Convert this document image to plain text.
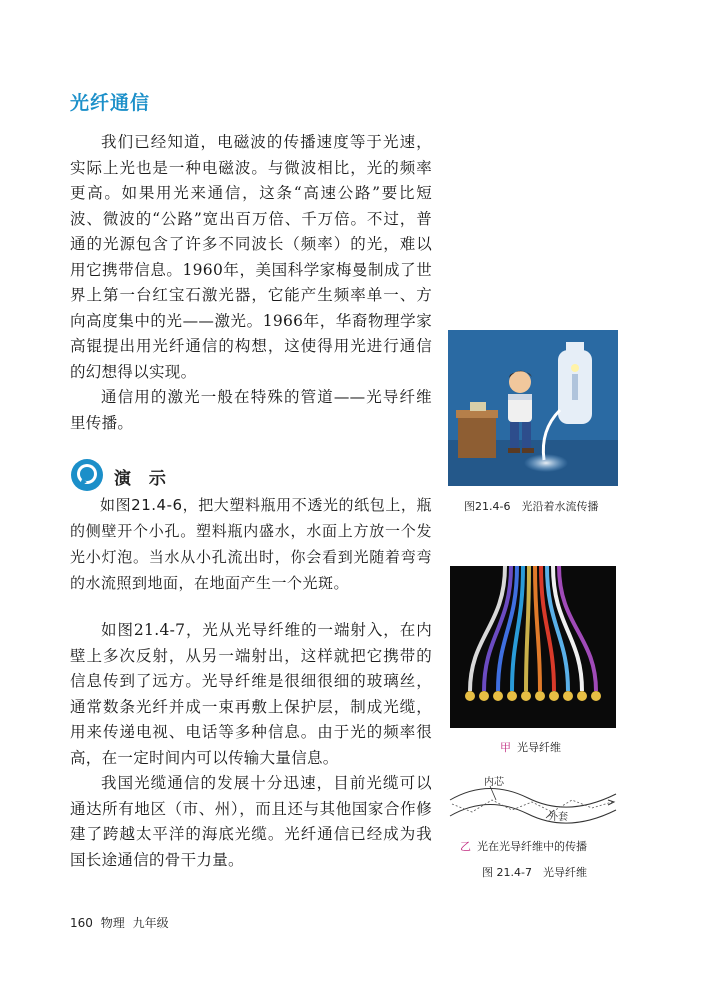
光纤通信

我们已经知道，电磁波的传播速度等于光速，实际上光也是一种电磁波。与微波相比，光的频率更高。如果用光来通信，这条“高速公路”要比短波、微波的“公路”宽出百万倍、千万倍。不过，普通的光源包含了许多不同波长（频率）的光，难以用它携带信息。1960年，美国科学家梅曼制成了世界上第一台红宝石激光器，它能产生频率单一、方向高度集中的光——激光。1966年，华裔物理学家高锟提出用光纤通信的构想，这使得用光进行通信的幻想得以实现。

通信用的激光一般在特殊的管道——光导纤维里传播。

演 示

如图21.4-6，把大塑料瓶用不透光的纸包上，瓶的侧壁开个小孔。塑料瓶内盛水，水面上方放一个发光小灯泡。当水从小孔流出时，你会看到光随着弯弯的水流照到地面，在地面产生一个光斑。

如图21.4-7，光从光导纤维的一端射入，在内壁上多次反射，从另一端射出，这样就把它携带的信息传到了远方。光导纤维是很细很细的玻璃丝，通常数条光纤并成一束再敷上保护层，制成光缆，用来传递电视、电话等多种信息。由于光的频率很高，在一定时间内可以传输大量信息。

我国光缆通信的发展十分迅速，目前光缆可以通达所有地区（市、州），而且还与其他国家合作修建了跨越太平洋的海底光缆。光纤通信已经成为我国长途通信的骨干力量。

图21.4-6　光沿着水流传播
甲 光导纤维
内芯
外套
乙 光在光导纤维中的传播
图 21.4-7　光导纤维
160 物理 九年级
